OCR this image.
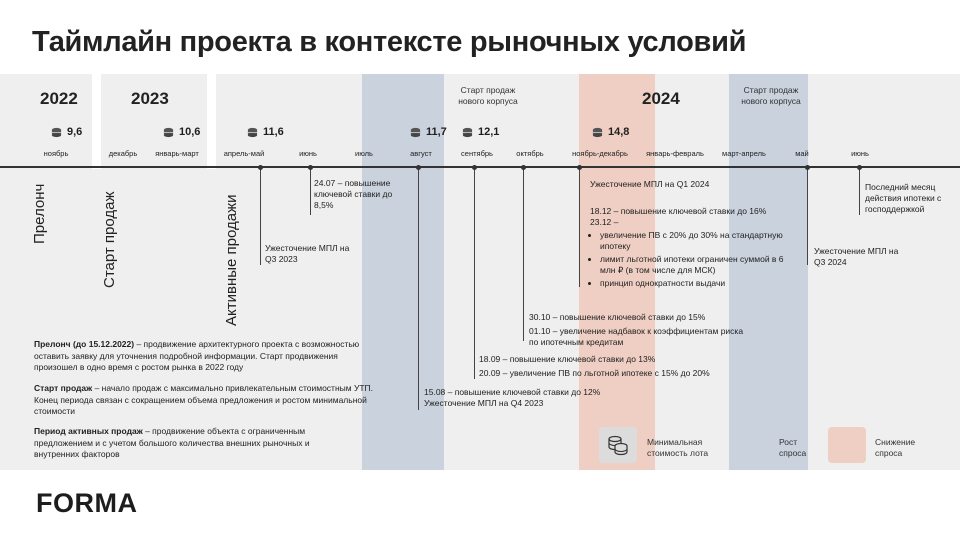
Таймлайн проекта в контексте рыночных условий
2022	2023	2024
Старт продаж нового корпуса
Старт продаж нового корпуса
9,6	10,6	11,6	11,7	12,1	14,8
ноябрь	декабрь январь-март	апрель-май	июнь	июль	август	сентябрь	октябрь	ноябрь-декабрь январь-февраль март-апрель	май	июнь
Прелонч	Старт продаж	Активные продажи
24.07 – повышение ключевой ставки до 8,5%
Ужесточение МПЛ на Q3 2023
15.08 – повышение ключевой ставки до 12%
Ужесточение МПЛ на Q4 2023
18.09 – повышение ключевой ставки до 13%
20.09 – увеличение ПВ по льготной ипотеке с 15% до 20%
30.10 – повышение ключевой ставки до 15%
01.10 – увеличение надбавок к коэффициентам риска по ипотечным кредитам
Ужесточение МПЛ на Q1 2024
18.12 – повышение ключевой ставки до 16%
23.12 –
• увеличение ПВ с 20% до 30% на стандартную ипотеку
• лимит льготной ипотеки ограничен суммой в 6 млн ₽ (в том числе для МСК)
• принцип однократности выдачи
Ужесточение МПЛ на Q3 2024
Последний месяц действия ипотеки с господдержкой
Прелонч (до 15.12.2022) – продвижение архитектурного проекта с возможностью оставить заявку для уточнения подробной информации. Старт продвижения произошел в одно время с ростом рынка в 2022 году
Старт продаж – начало продаж с максимально привлекательным стоимостным УТП. Конец периода связан с сокращением объема предложения и ростом минимальной стоимости
Период активных продаж – продвижение объекта с ограниченным предложением и с учетом большого количества внешних рыночных и внутренних факторов
Минимальная стоимость лота
Рост спроса
Снижение спроса
FORMA
